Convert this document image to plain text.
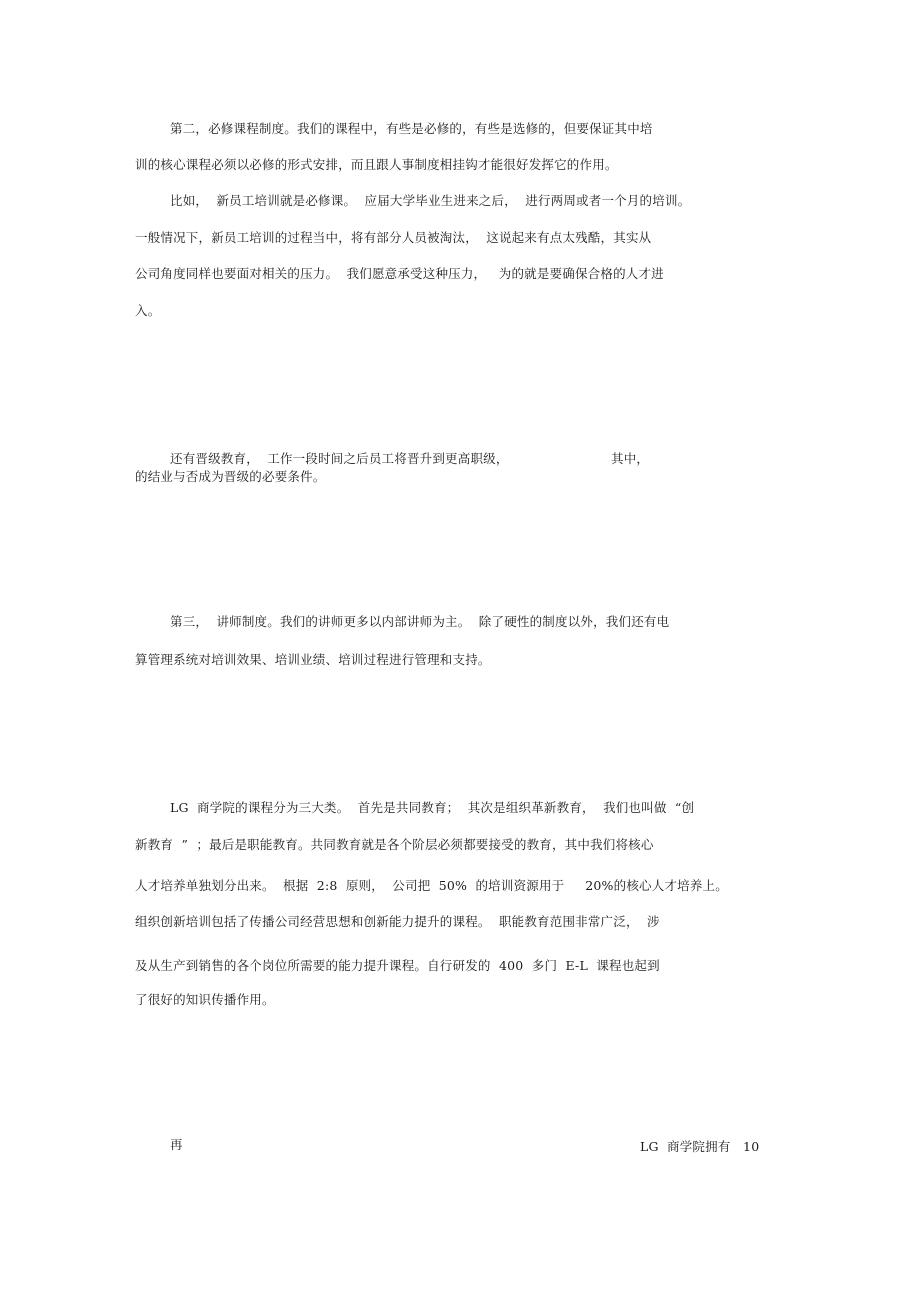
第二，必修课程制度。我们的课程中，有些是必修的，有些是选修的，但要保证其中培
训的核心课程必须以必修的形式安排，而且跟人事制度相挂钩才能很好发挥它的作用。
比如，  新员工培训就是必修课。  应届大学毕业生进来之后，  进行两周或者一个月的培训。
一般情况下，新员工培训的过程当中，将有部分人员被淘汰，  这说起来有点太残酷，其实从
公司角度同样也要面对相关的压力。  我们愿意承受这种压力，   为的就是要确保合格的人才进
入。
还有晋级教育，  工作一段时间之后员工将晋升到更高职级，	其中，
的结业与否成为晋级的必要条件。
第三，  讲师制度。我们的讲师更多以内部讲师为主。  除了硬性的制度以外，我们还有电
算管理系统对培训效果、培训业绩、培训过程进行管理和支持。
LG  商学院的课程分为三大类。  首先是共同教育；  其次是组织革新教育，  我们也叫做  “创
新教育  ”  ；最后是职能教育。共同教育就是各个阶层必须都要接受的教育，其中我们将核心
人才培养单独划分出来。  根据  2:8  原则，  公司把  50%  的培训资源用于     20%的核心人才培养上。
组织创新培训包括了传播公司经营思想和创新能力提升的课程。  职能教育范围非常广泛，  涉
及从生产到销售的各个岗位所需要的能力提升课程。自行研发的  400  多门  E-L  课程也起到
了很好的知识传播作用。
再	LG  商学院拥有   10
